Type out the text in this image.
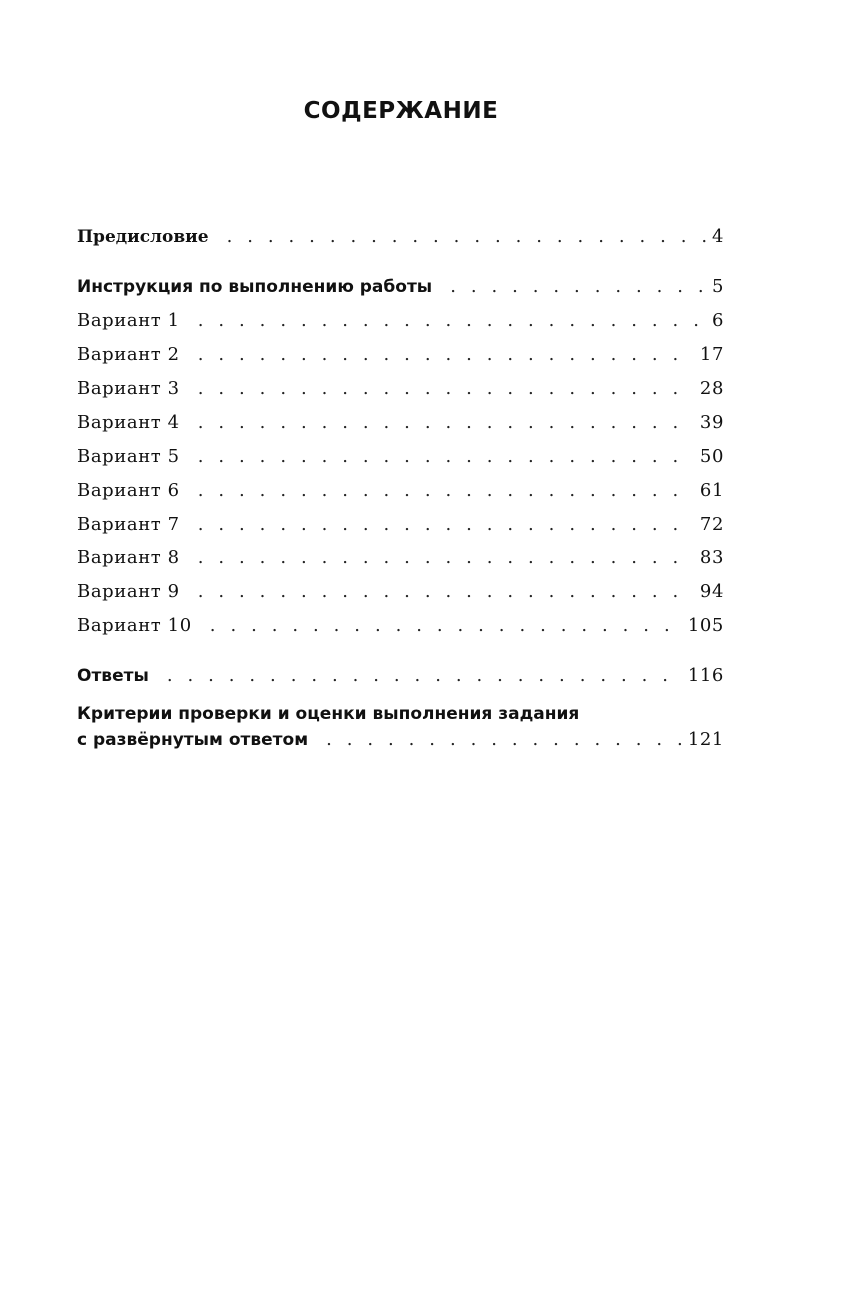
СОДЕРЖАНИЕ
Предисловие . . .	4
Инструкция по выполнению работы . . .	5
Вариант 1 . . .	6
Вариант 2 . . .	17
Вариант 3 . . .	28
Вариант 4 . . .	39
Вариант 5 . . .	50
Вариант 6 . . .	61
Вариант 7 . . .	72
Вариант 8 . . .	83
Вариант 9 . . .	94
Вариант 10 . . .	105
Ответы . . .	116
Критерии проверки и оценки выполнения задания
с развёрнутым ответом . . .	121
